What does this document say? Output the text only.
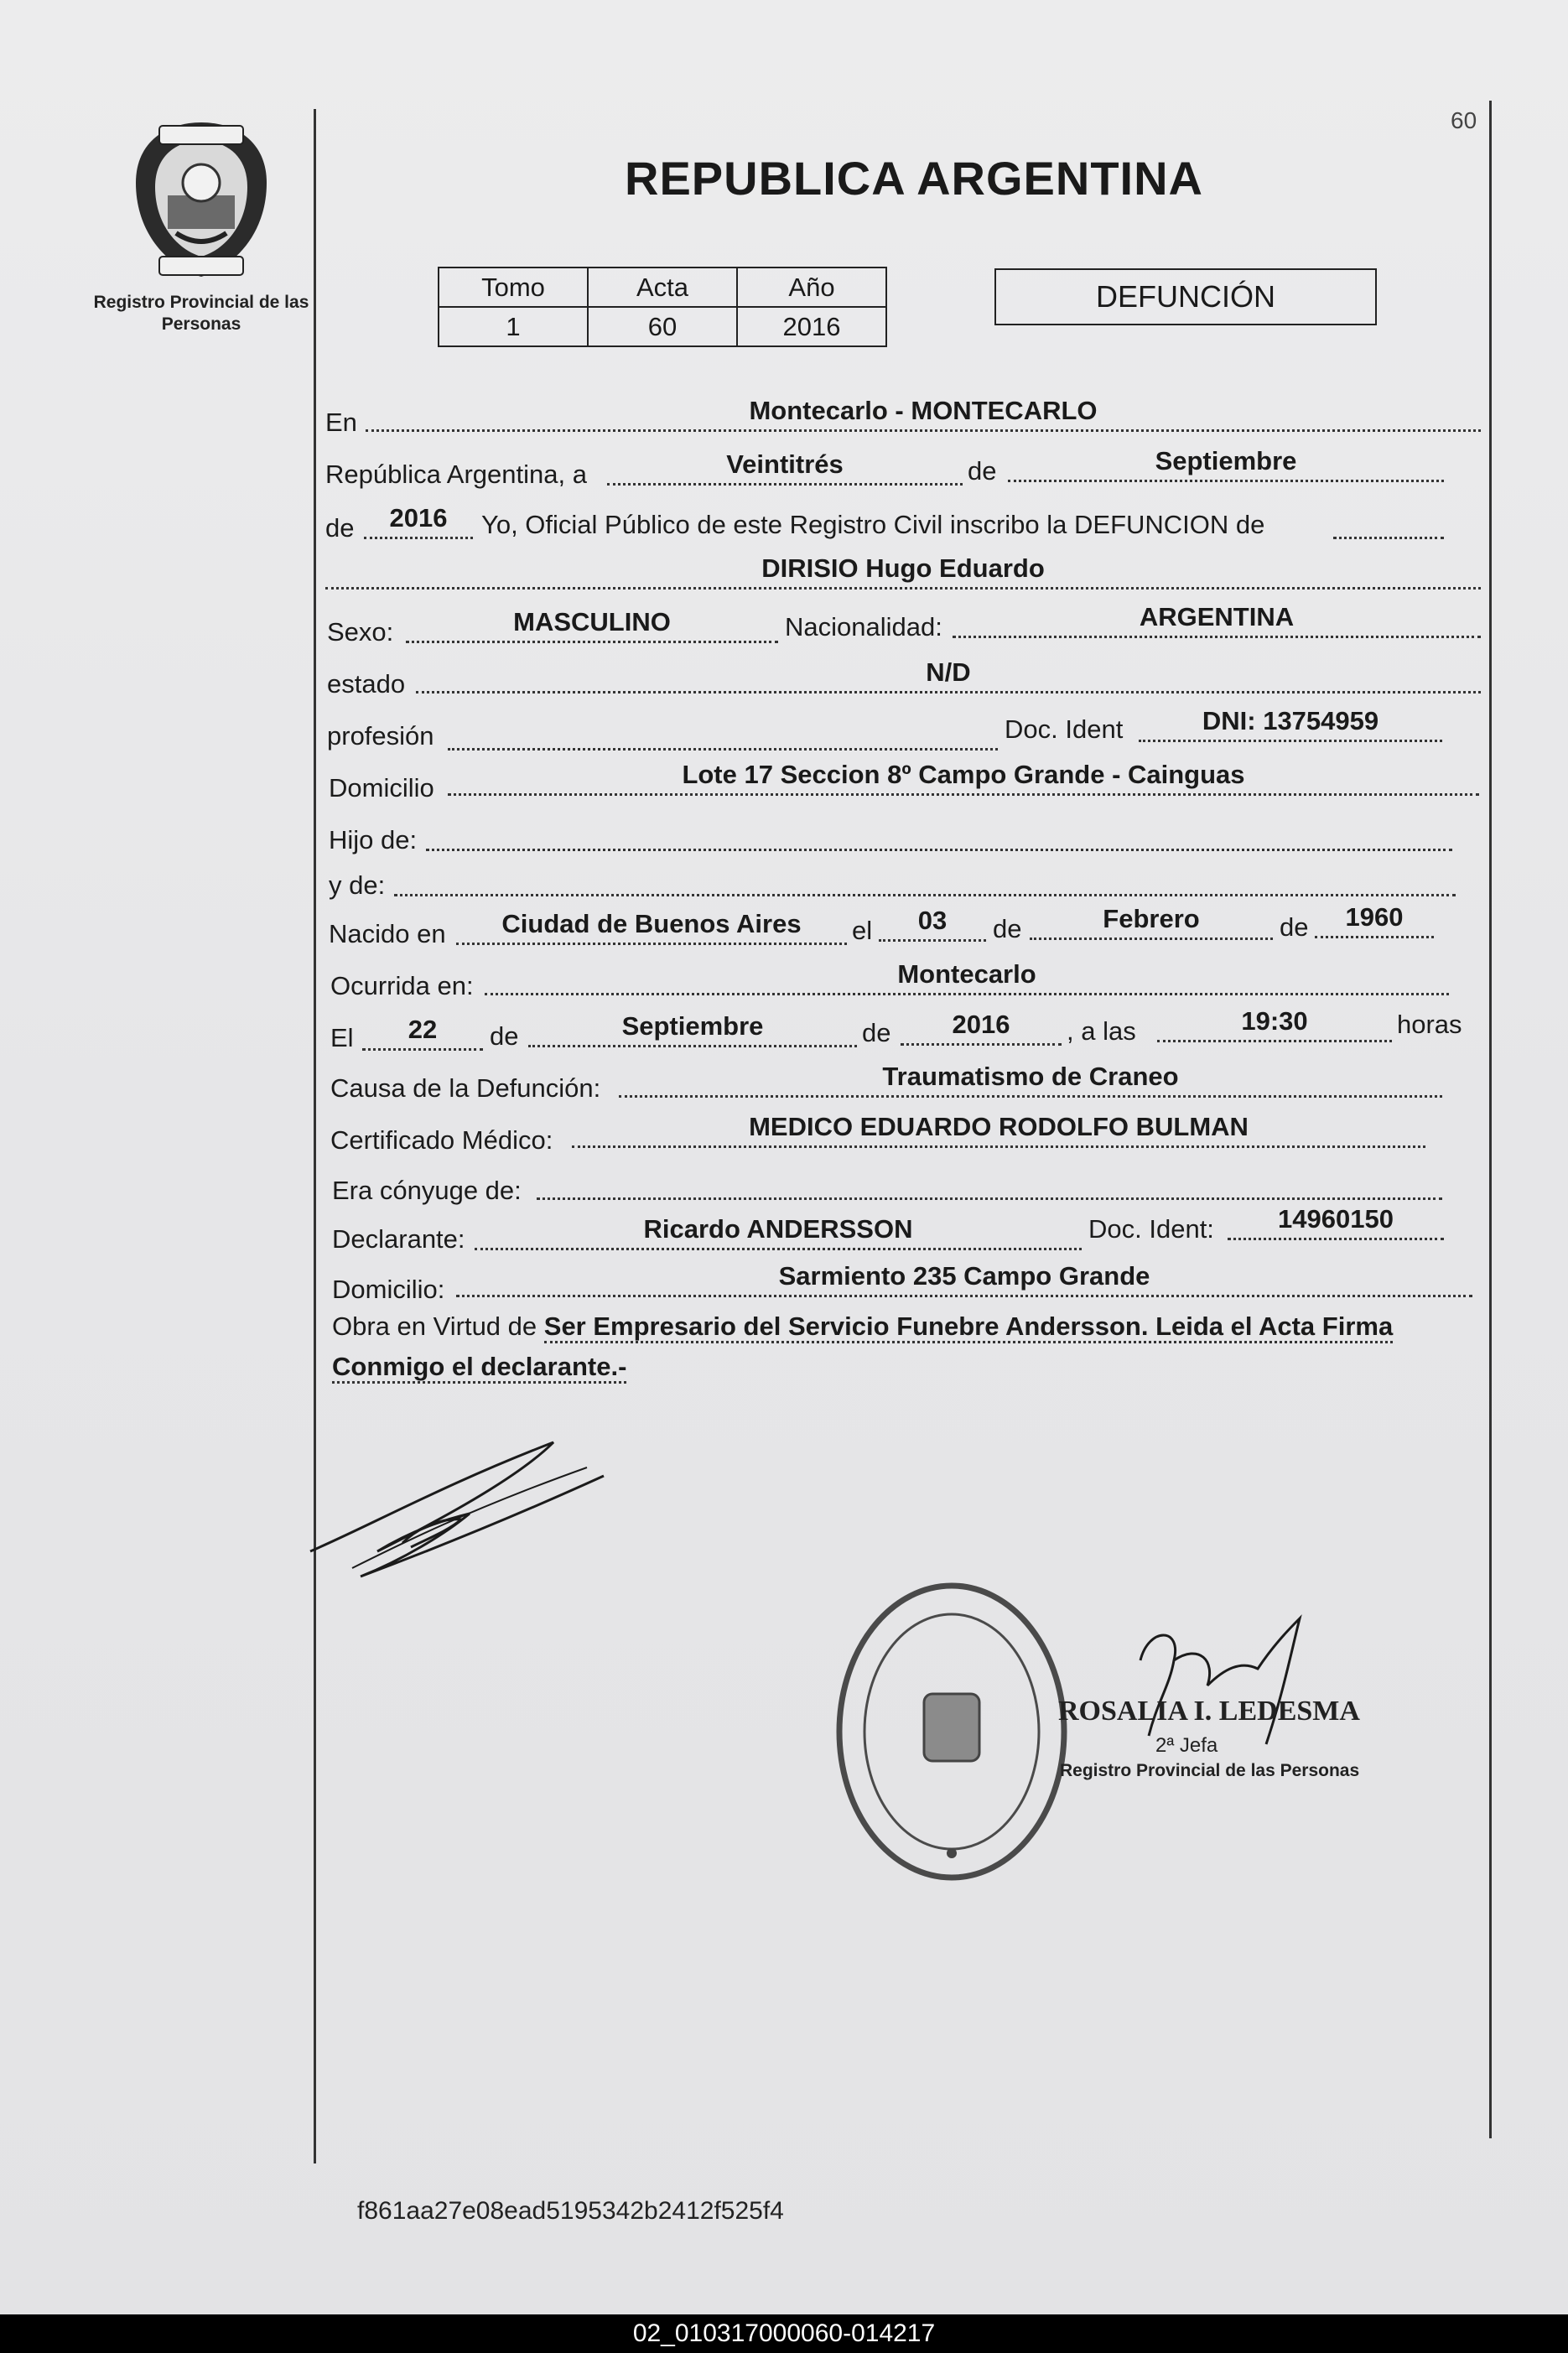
Registro Provincial de las Personas
60
REPUBLICA ARGENTINA
Tomo	Acta	Año
1	60	2016
DEFUNCIÓN
En	Montecarlo - MONTECARLO
República Argentina, a	Veintitrés	de	Septiembre
de	2016	Yo, Oficial Público de este Registro Civil inscribo la DEFUNCION de
DIRISIO Hugo Eduardo
Sexo:	MASCULINO	Nacionalidad:	ARGENTINA
estado	N/D
profesión	Doc. Ident	DNI: 13754959
Domicilio	Lote 17 Seccion 8º Campo Grande - Cainguas
Hijo de:
y de:
Nacido en	Ciudad de Buenos Aires	el	03	de	Febrero	de	1960
Ocurrida en:	Montecarlo
El	22	de	Septiembre	de	2016	, a las	19:30	horas
Causa de la Defunción:	Traumatismo de Craneo
Certificado Médico:	MEDICO EDUARDO RODOLFO BULMAN
Era cónyuge de:
Declarante:	Ricardo ANDERSSON	Doc. Ident:	14960150
Domicilio:	Sarmiento 235 Campo Grande
Obra en Virtud de Ser Empresario del Servicio Funebre Andersson. Leida el Acta Firma Conmigo el declarante.-
ROSALIA I. LEDESMA
2ª Jefa
Registro Provincial de las Personas
f861aa27e08ead5195342b2412f525f4
02_010317000060-014217
